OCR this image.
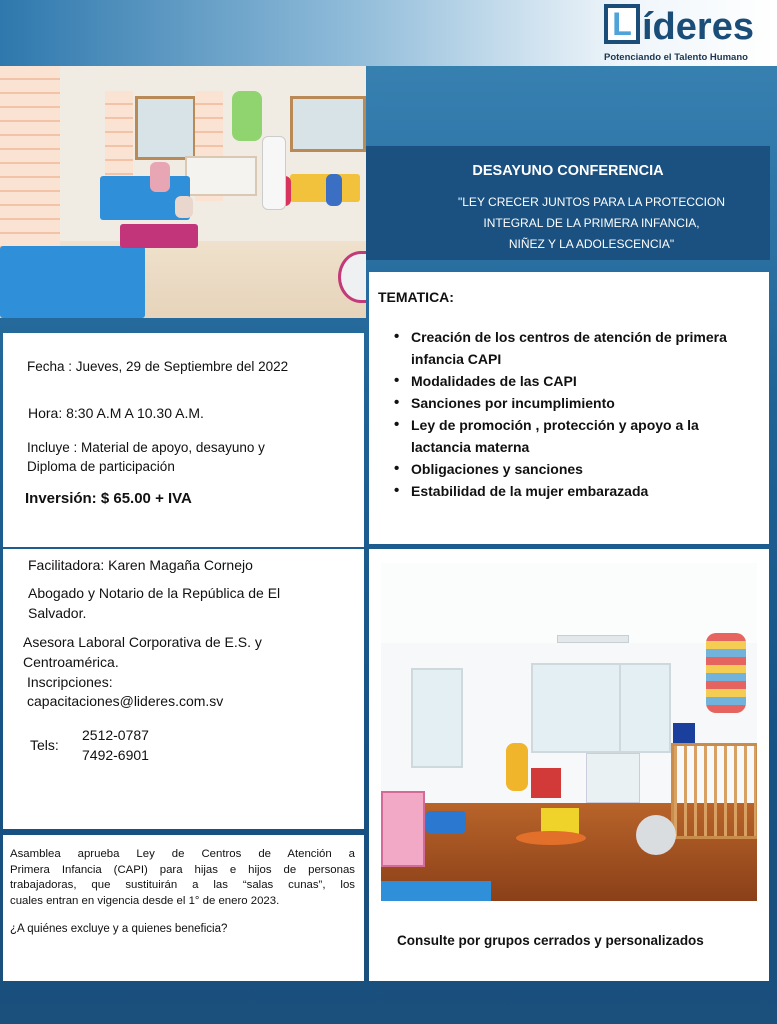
L íderes
Potenciando el Talento Humano
DESAYUNO CONFERENCIA
"LEY CRECER JUNTOS PARA LA PROTECCION
INTEGRAL DE LA PRIMERA INFANCIA,
NIÑEZ Y LA ADOLESCENCIA"
TEMATICA:
• Creación de los centros de atención de primera
infancia CAPI
• Modalidades de las CAPI
• Sanciones por incumplimiento
• Ley de promoción , protección y apoyo a la
lactancia materna
• Obligaciones y sanciones
• Estabilidad de la mujer embarazada
Fecha : Jueves, 29 de Septiembre del 2022
Hora: 8:30 A.M A 10.30 A.M.
Incluye : Material de apoyo, desayuno y
Diploma de participación
Inversión: $ 65.00 + IVA
Facilitadora: Karen Magaña Cornejo
Abogado y Notario de la República de El
Salvador.
Asesora Laboral Corporativa de E.S. y
Centroamérica.
Inscripciones:
capacitaciones@lideres.com.sv
Tels:
2512-0787
7492-6901
Consulte por grupos cerrados y personalizados
Asamblea aprueba Ley de Centros de Atención a
Primera Infancia (CAPI) para hijas e hijos de personas
trabajadoras, que sustituirán a las “salas cunas”, los
cuales entran en vigencia desde el 1° de enero 2023.
¿A quiénes excluye y a quienes beneficia?
